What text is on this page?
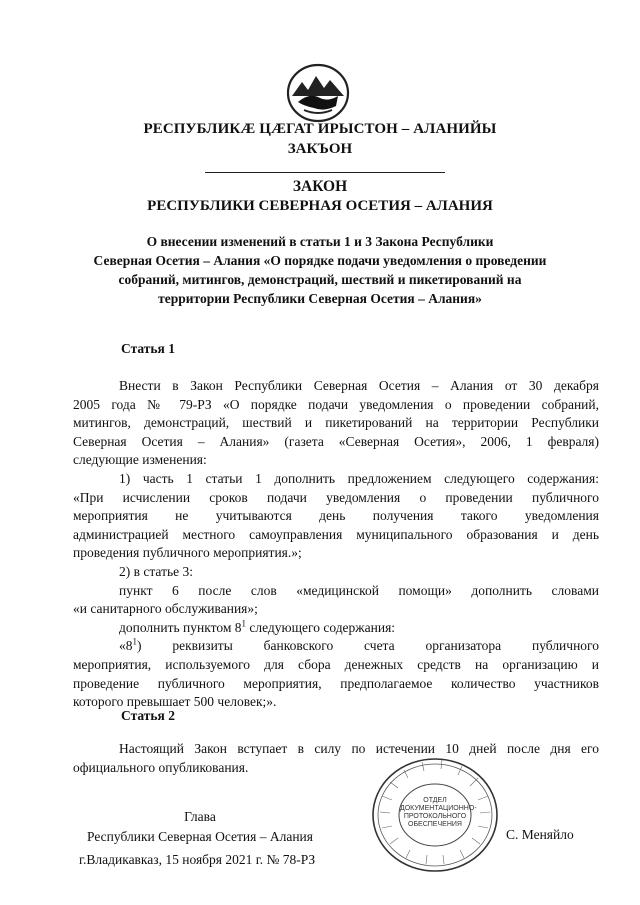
РЕСПУБЛИКÆ ЦÆГАТ ИРЫСТОН – АЛАНИЙЫ
ЗАКЪОН
ЗАКОН
РЕСПУБЛИКИ СЕВЕРНАЯ ОСЕТИЯ – АЛАНИЯ
О внесении изменений в статьи 1 и 3 Закона Республики
Северная Осетия – Алания «О порядке подачи уведомления о проведении
собраний, митингов, демонстраций, шествий и пикетирований на
территории Республики Северная Осетия – Алания»
Статья 1
Внести в Закон Республики Северная Осетия – Алания от 30 декабря
2005 года № 79-РЗ «О порядке подачи уведомления о проведении собраний,
митингов, демонстраций, шествий и пикетирований на территории Республики
Северная Осетия – Алания» (газета «Северная Осетия», 2006, 1 февраля)
следующие изменения:
1) часть 1 статьи 1 дополнить предложением следующего содержания:
«При исчислении сроков подачи уведомления о проведении публичного
мероприятия не учитываются день получения такого уведомления
администрацией местного самоуправления муниципального образования и день
проведения публичного мероприятия.»;
2) в статье 3:
пункт 6 после слов «медицинской помощи» дополнить словами
«и санитарного обслуживания»;
дополнить пунктом $8^1$ следующего содержания:
«$8^1$) реквизиты банковского счета организатора публичного
мероприятия, используемого для сбора денежных средств на организацию и
проведение публичного мероприятия, предполагаемое количество участников
которого превышает 500 человек;».
Статья 2
Настоящий Закон вступает в силу по истечении 10 дней после дня его
официального опубликования.
ОТДЕЛ ДОКУМЕНТАЦИОННО-ПРОТОКОЛЬНОГО ОБЕСПЕЧЕНИЯ
Глава
Республики Северная Осетия – Алания	С. Меняйло
г.Владикавказ, 15 ноября 2021 г. № 78-РЗ
